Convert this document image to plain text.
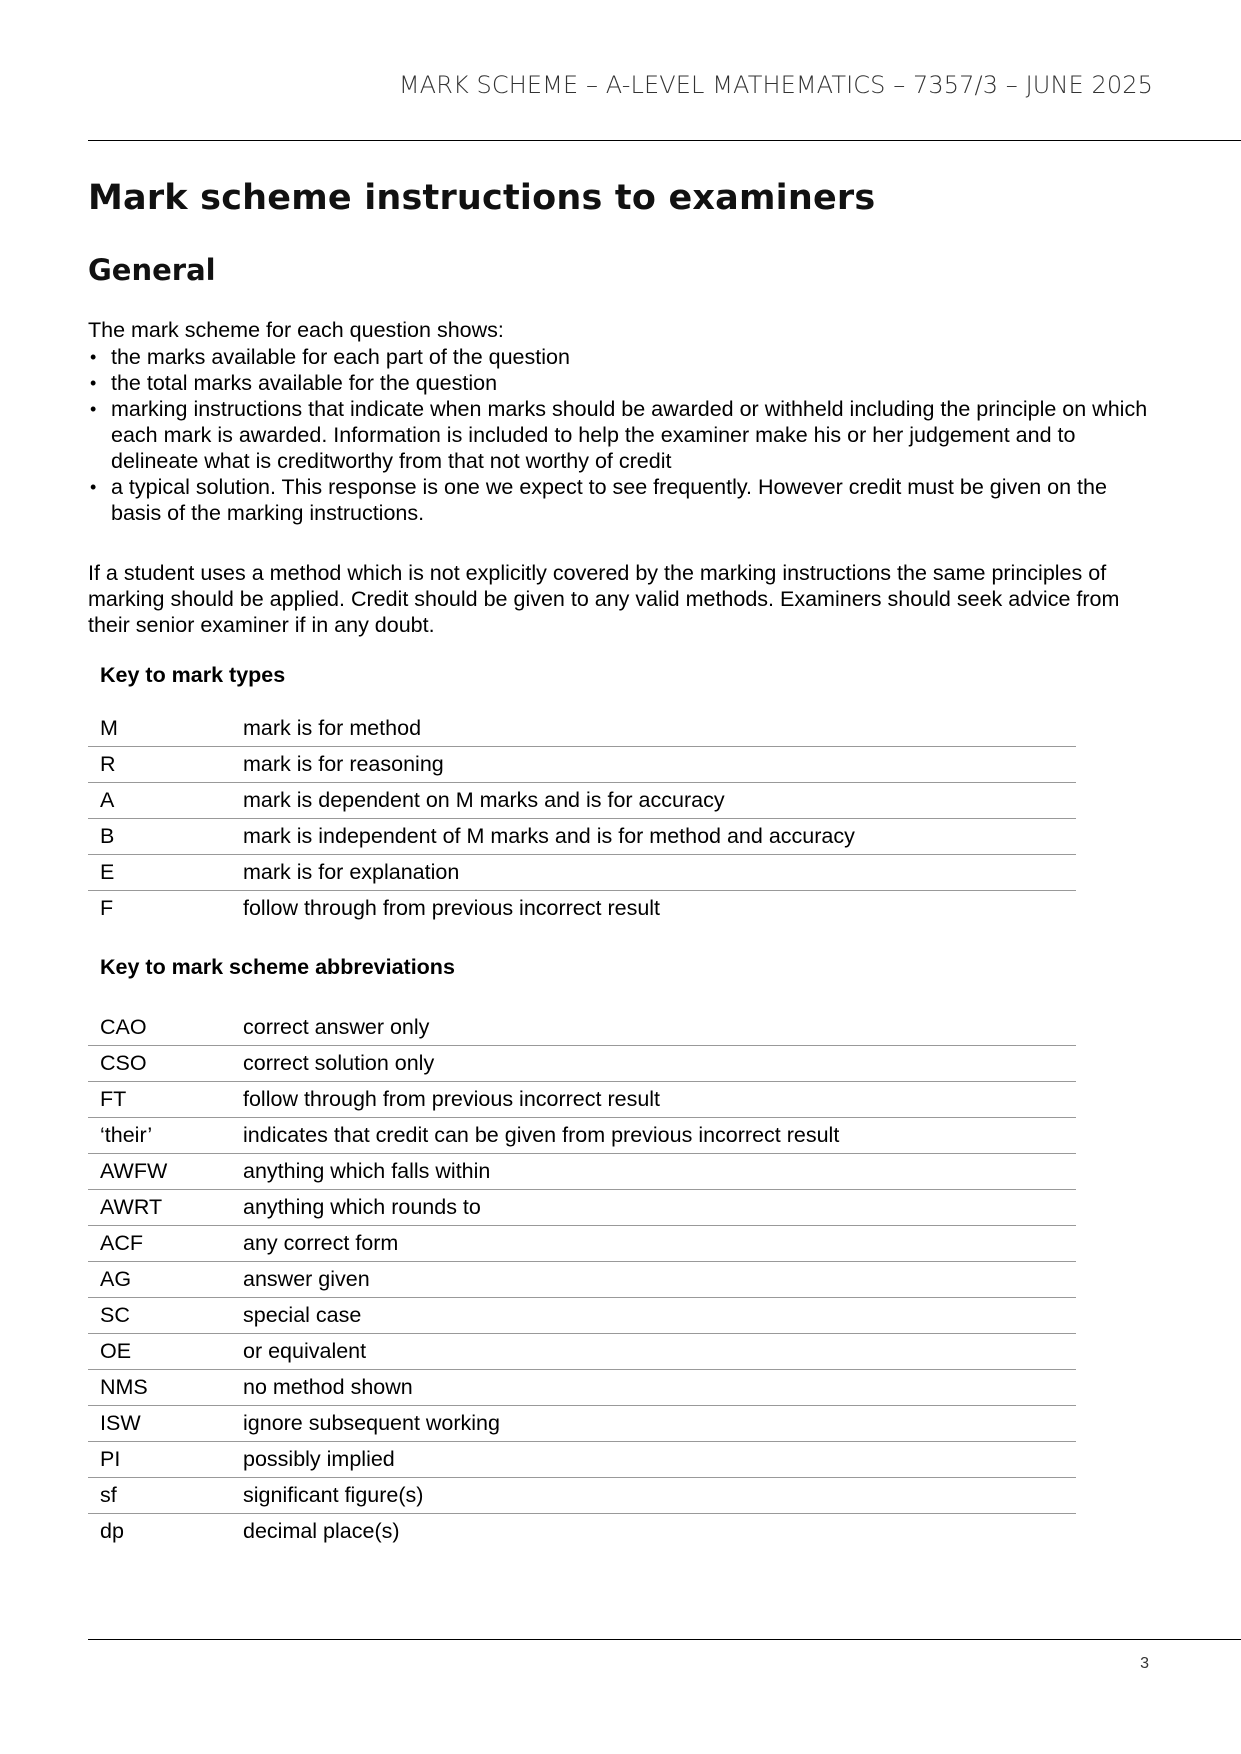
MARK SCHEME – A-LEVEL MATHEMATICS – 7357/3 – JUNE 2025
Mark scheme instructions to examiners
General

The mark scheme for each question shows:

• the marks available for each part of the question
• the total marks available for the question
• marking instructions that indicate when marks should be awarded or withheld including the principle on which each mark is awarded. Information is included to help the examiner make his or her judgement and to delineate what is creditworthy from that not worthy of credit
• a typical solution. This response is one we expect to see frequently. However credit must be given on the basis of the marking instructions.

If a student uses a method which is not explicitly covered by the marking instructions the same principles of marking should be applied. Credit should be given to any valid methods. Examiners should seek advice from their senior examiner if in any doubt.

Key to mark types
M	mark is for method
R	mark is for reasoning
A	mark is dependent on M marks and is for accuracy
B	mark is independent of M marks and is for method and accuracy
E	mark is for explanation
F	follow through from previous incorrect result
Key to mark scheme abbreviations
CAO	correct answer only
CSO	correct solution only
FT	follow through from previous incorrect result
‘their’	indicates that credit can be given from previous incorrect result
AWFW	anything which falls within
AWRT	anything which rounds to
ACF	any correct form
AG	answer given
SC	special case
OE	or equivalent
NMS	no method shown
ISW	ignore subsequent working
PI	possibly implied
sf	significant figure(s)
dp	decimal place(s)
3
